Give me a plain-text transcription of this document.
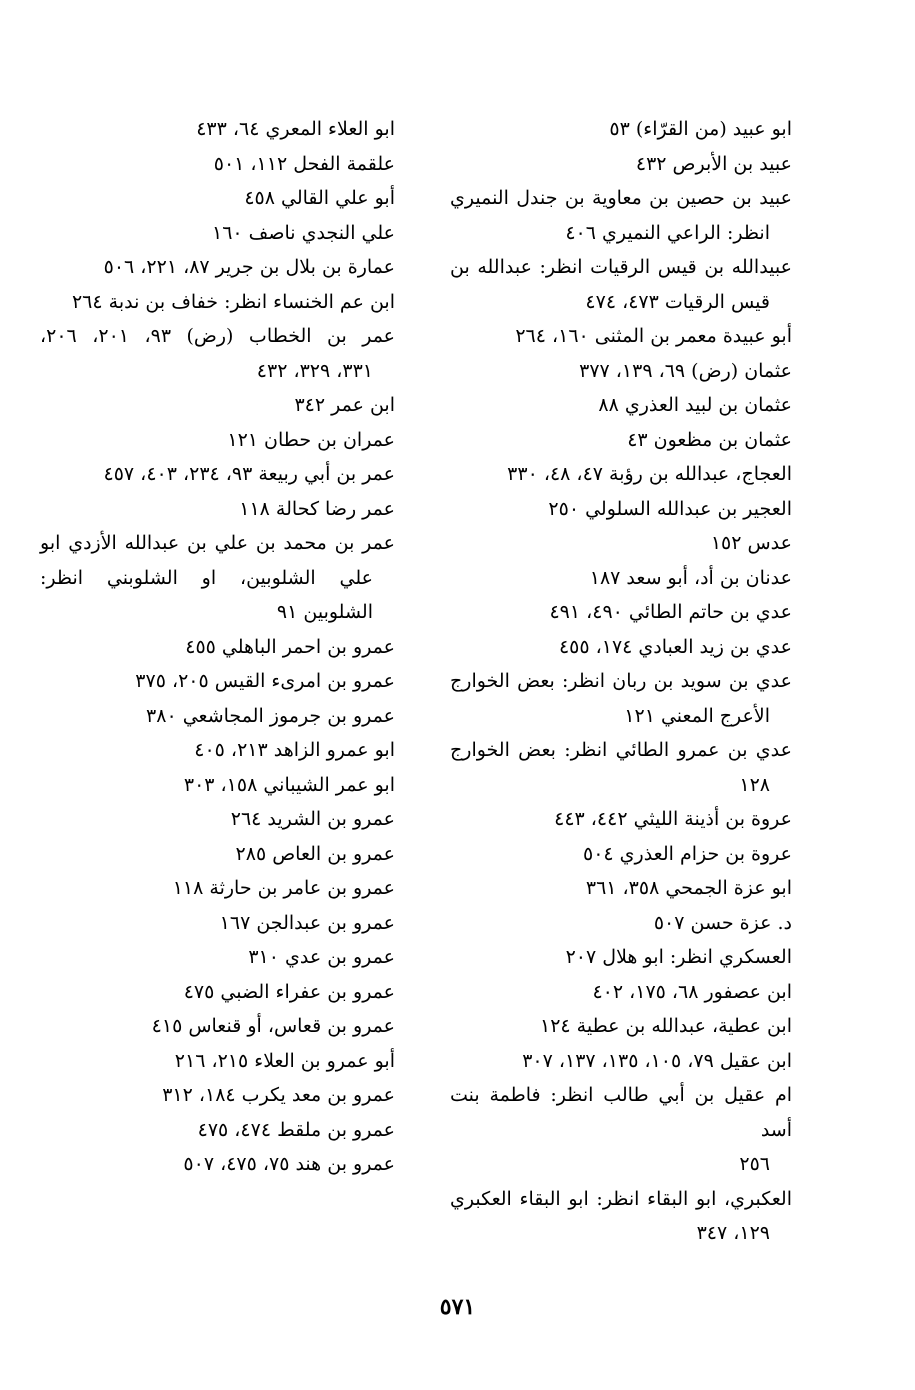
ابو عبيد (من القرّاء) ٥٣
عبيد بن الأبرص ٤٣٢
عبيد بن حصين بن معاوية بن جندل النميري
انظر: الراعي النميري ٤٠٦
عبيدالله بن قيس الرقيات انظر: عبدالله بن
قيس الرقيات ٤٧٣، ٤٧٤
أبو عبيدة معمر بن المثنى ١٦٠، ٢٦٤
عثمان (رض) ٦٩، ١٣٩، ٣٧٧
عثمان بن لبيد العذري ٨٨
عثمان بن مظعون ٤٣
العجاج، عبدالله بن رؤبة ٤٧، ٤٨، ٣٣٠
العجير بن عبدالله السلولي ٢٥٠
عدس ١٥٢
عدنان بن أد، أبو سعد ١٨٧
عدي بن حاتم الطائي ٤٩٠، ٤٩١
عدي بن زيد العبادي ١٧٤، ٤٥٥
عدي بن سويد بن ربان انظر: بعض الخوارج
الأعرج المعني ١٢١
عدي بن عمرو الطائي انظر: بعض الخوارج
١٢٨
عروة بن أذينة الليثي ٤٤٢، ٤٤٣
عروة بن حزام العذري ٥٠٤
ابو عزة الجمحي ٣٥٨، ٣٦١
د. عزة حسن ٥٠٧
العسكري انظر: ابو هلال ٢٠٧
ابن عصفور ٦٨، ١٧٥، ٤٠٢
ابن عطية، عبدالله بن عطية ١٢٤
ابن عقيل ٧٩، ١٠٥، ١٣٥، ١٣٧، ٣٠٧
ام عقيل بن أبي طالب انظر: فاطمة بنت أسد
٢٥٦
العكبري، ابو البقاء انظر: ابو البقاء العكبري
١٢٩، ٣٤٧
ابو العلاء المعري ٦٤، ٤٣٣
علقمة الفحل ١١٢، ٥٠١
أبو علي القالي ٤٥٨
علي النجدي ناصف ١٦٠
عمارة بن بلال بن جرير ٨٧، ٢٢١، ٥٠٦
ابن عم الخنساء انظر: خفاف بن ندبة ٢٦٤
عمر بن الخطاب (رض) ٩٣، ٢٠١، ٢٠٦،
٣٣١، ٣٢٩، ٤٣٢
ابن عمر ٣٤٢
عمران بن حطان ١٢١
عمر بن أبي ربيعة ٩٣، ٢٣٤، ٤٠٣، ٤٥٧
عمر رضا كحالة ١١٨
عمر بن محمد بن علي بن عبدالله الأزدي ابو
علي الشلوبين، او الشلوبني انظر:
الشلوبين ٩١
عمرو بن احمر الباهلي ٤٥٥
عمرو بن امرىء القيس ٢٠٥، ٣٧٥
عمرو بن جرموز المجاشعي ٣٨٠
ابو عمرو الزاهد ٢١٣، ٤٠٥
ابو عمر الشيباني ١٥٨، ٣٠٣
عمرو بن الشريد ٢٦٤
عمرو بن العاص ٢٨٥
عمرو بن عامر بن حارثة ١١٨
عمرو بن عبدالجن ١٦٧
عمرو بن عدي ٣١٠
عمرو بن عفراء الضبي ٤٧٥
عمرو بن قعاس، أو قنعاس ٤١٥
أبو عمرو بن العلاء ٢١٥، ٢١٦
عمرو بن معد يكرب ١٨٤، ٣١٢
عمرو بن ملقط ٤٧٤، ٤٧٥
عمرو بن هند ٧٥، ٤٧٥، ٥٠٧
٥٧١
